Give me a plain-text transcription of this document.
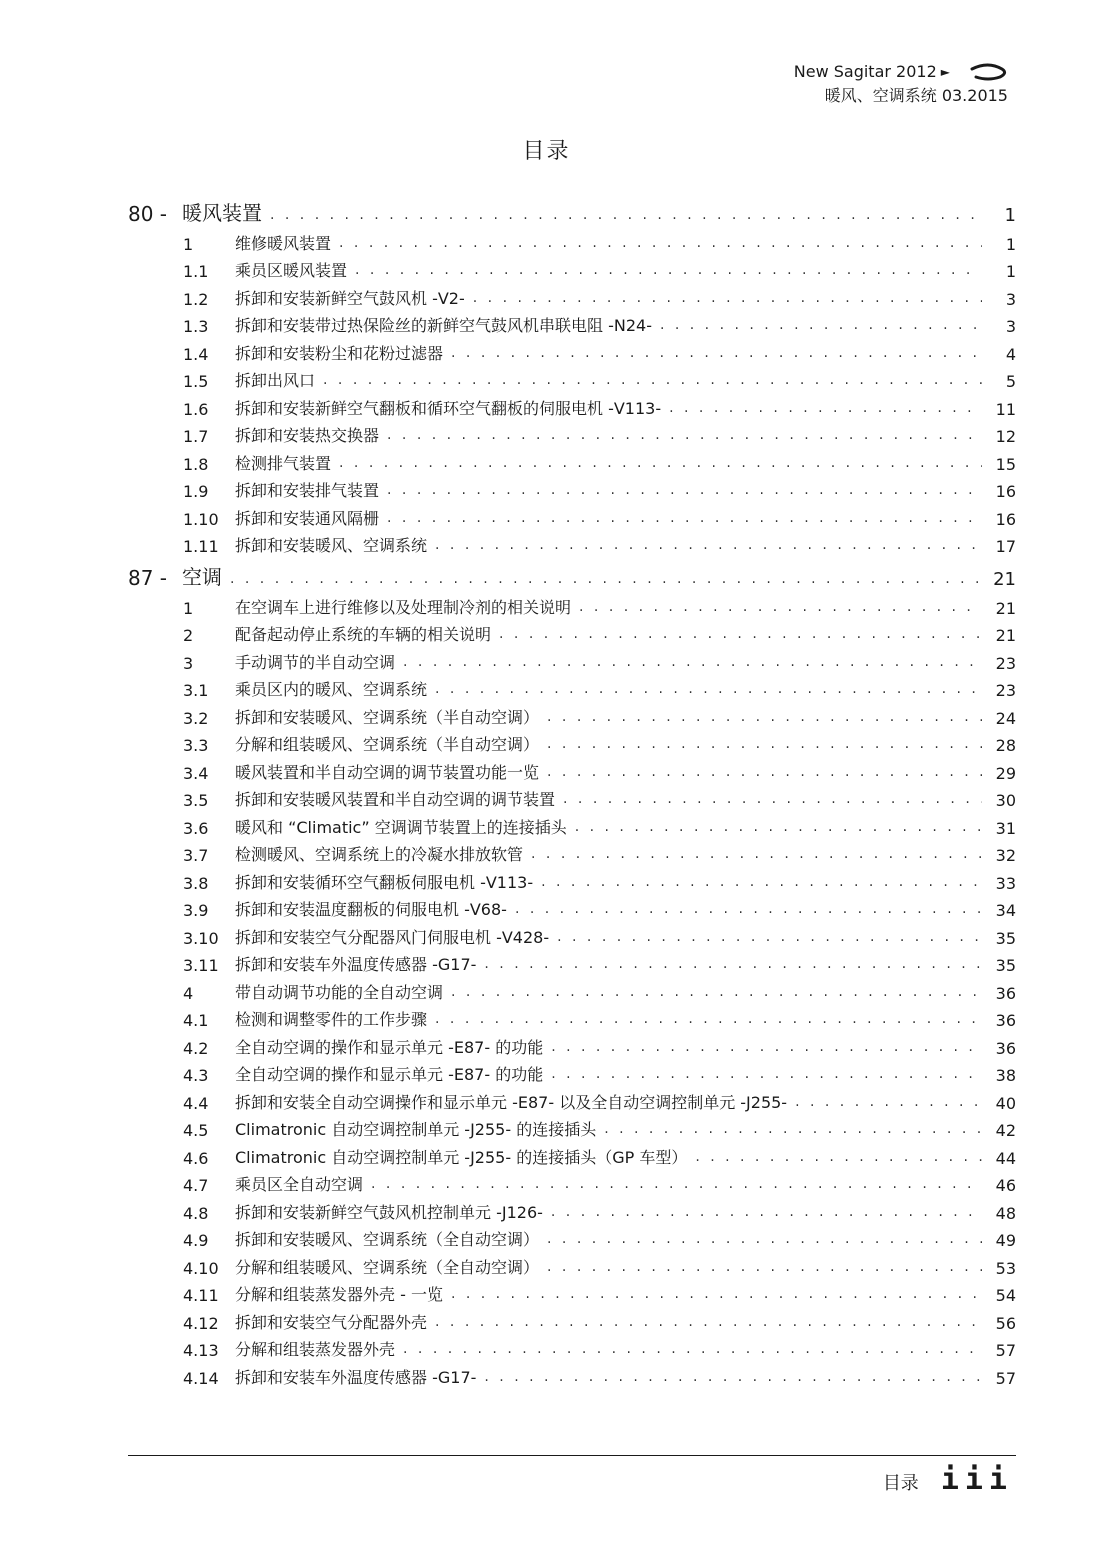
New Sagitar 2012 ►
暖风、空调系统 03.2015
目录
80 - 暖风装置 . . .	1
1	维修暖风装置 . . .	1
1.1	乘员区暖风装置 . . .	1
1.2	拆卸和安装新鲜空气鼓风机 -V2- . . .	3
1.3	拆卸和安装带过热保险丝的新鲜空气鼓风机串联电阻 -N24- . . .	3
1.4	拆卸和安装粉尘和花粉过滤器 . . .	4
1.5	拆卸出风口 . . .	5
1.6	拆卸和安装新鲜空气翻板和循环空气翻板的伺服电机 -V113- . . .	11
1.7	拆卸和安装热交换器 . . .	12
1.8	检测排气装置 . . .	15
1.9	拆卸和安装排气装置 . . .	16
1.10	拆卸和安装通风隔栅 . . .	16
1.11	拆卸和安装暖风、空调系统 . . .	17
87 - 空调 . . .	21
1	在空调车上进行维修以及处理制冷剂的相关说明 . . .	21
2	配备起动停止系统的车辆的相关说明 . . .	21
3	手动调节的半自动空调 . . .	23
3.1	乘员区内的暖风、空调系统 . . .	23
3.2	拆卸和安装暖风、空调系统（半自动空调） . . .	24
3.3	分解和组装暖风、空调系统（半自动空调） . . .	28
3.4	暖风装置和半自动空调的调节装置功能一览 . . .	29
3.5	拆卸和安装暖风装置和半自动空调的调节装置 . . .	30
3.6	暖风和 “Climatic” 空调调节装置上的连接插头 . . .	31
3.7	检测暖风、空调系统上的冷凝水排放软管 . . .	32
3.8	拆卸和安装循环空气翻板伺服电机 -V113- . . .	33
3.9	拆卸和安装温度翻板的伺服电机 -V68- . . .	34
3.10	拆卸和安装空气分配器风门伺服电机 -V428- . . .	35
3.11	拆卸和安装车外温度传感器 -G17- . . .	35
4	带自动调节功能的全自动空调 . . .	36
4.1	检测和调整零件的工作步骤 . . .	36
4.2	全自动空调的操作和显示单元 -E87- 的功能 . . .	36
4.3	全自动空调的操作和显示单元 -E87- 的功能 . . .	38
4.4	拆卸和安装全自动空调操作和显示单元 -E87- 以及全自动空调控制单元 -J255- . . .	40
4.5	Climatronic 自动空调控制单元 -J255- 的连接插头 . . .	42
4.6	Climatronic 自动空调控制单元 -J255- 的连接插头（GP 车型） . . .	44
4.7	乘员区全自动空调 . . .	46
4.8	拆卸和安装新鲜空气鼓风机控制单元 -J126- . . .	48
4.9	拆卸和安装暖风、空调系统（全自动空调） . . .	49
4.10	分解和组装暖风、空调系统（全自动空调） . . .	53
4.11	分解和组装蒸发器外壳 - 一览 . . .	54
4.12	拆卸和安装空气分配器外壳 . . .	56
4.13	分解和组装蒸发器外壳 . . .	57
4.14	拆卸和安装车外温度传感器 -G17- . . .	57
目录 iii
